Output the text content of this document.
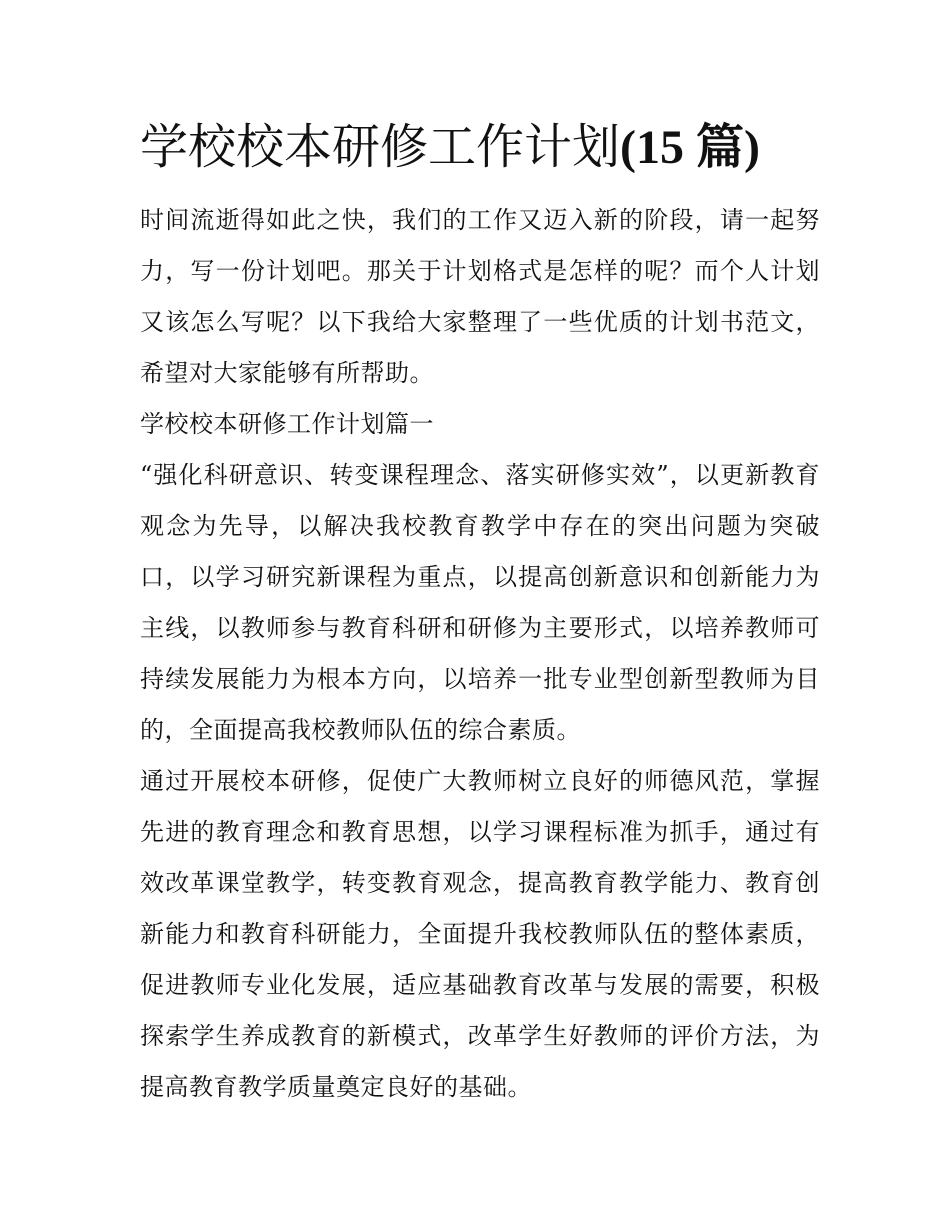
学校校本研修工作计划(15 篇)

时间流逝得如此之快，我们的工作又迈入新的阶段，请一起努力，写一份计划吧。那关于计划格式是怎样的呢？而个人计划又该怎么写呢？以下我给大家整理了一些优质的计划书范文，希望对大家能够有所帮助。

学校校本研修工作计划篇一

“强化科研意识、转变课程理念、落实研修实效”，以更新教育观念为先导，以解决我校教育教学中存在的突出问题为突破口，以学习研究新课程为重点，以提高创新意识和创新能力为主线，以教师参与教育科研和研修为主要形式，以培养教师可持续发展能力为根本方向，以培养一批专业型创新型教师为目的，全面提高我校教师队伍的综合素质。

通过开展校本研修，促使广大教师树立良好的师德风范，掌握先进的教育理念和教育思想，以学习课程标准为抓手，通过有效改革课堂教学，转变教育观念，提高教育教学能力、教育创新能力和教育科研能力，全面提升我校教师队伍的整体素质，促进教师专业化发展，适应基础教育改革与发展的需要，积极探索学生养成教育的新模式，改革学生好教师的评价方法，为提高教育教学质量奠定良好的基础。
